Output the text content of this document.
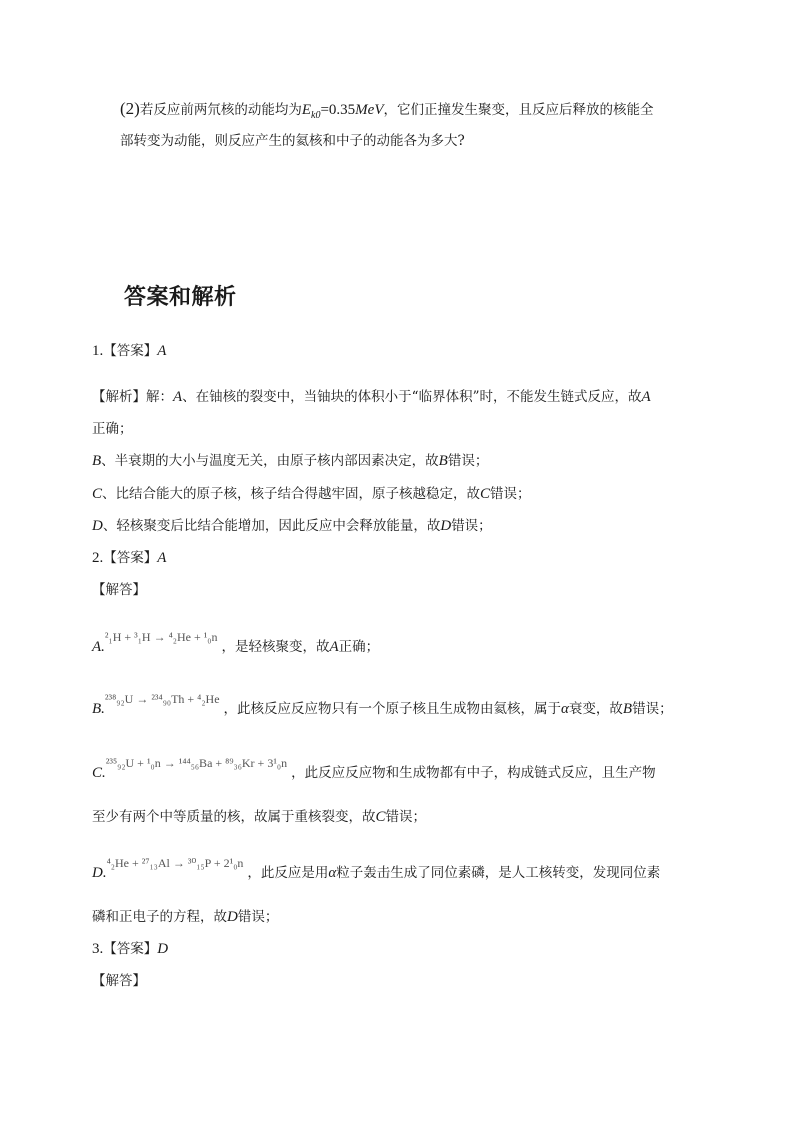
(2)若反应前两氘核的动能均为$E_{k0}=0.35MeV$，它们正撞发生聚变，且反应后释放的核能全
部转变为动能，则反应产生的氦核和中子的动能各为多大?
答案和解析
1.【答案】A
【解析】解：A、在铀核的裂变中，当铀块的体积小于“临界体积”时，不能发生链式反应，故A
正确；
B、半衰期的大小与温度无关，由原子核内部因素决定，故B错误；
C、比结合能大的原子核，核子结合得越牢固，原子核越稳定，故C错误；
D、轻核聚变后比结合能增加，因此反应中会释放能量，故D错误；
2.【答案】A
【解答】
A.²₁H + ³₁H → ⁴₂He + ¹₀n，是轻核聚变，故A正确；
B.²³⁸₉₂U → ²³⁴₉₀Th + ⁴₂He，此核反应反应物只有一个原子核且生成物由氦核，属于α衰变，故B错误；
C.²³⁵₉₂U + ¹₀n → ¹⁴⁴₅₆Ba + ⁸⁹₃₆Kr + 3¹₀n，此反应反应物和生成物都有中子，构成链式反应，且生产物
至少有两个中等质量的核，故属于重核裂变，故C错误；
D.⁴₂He + ²⁷₁₃Al → ³⁰₁₅P + 2¹₀n，此反应是用α粒子轰击生成了同位素磷，是人工核转变，发现同位素
磷和正电子的方程，故D错误；
3.【答案】D
【解答】
